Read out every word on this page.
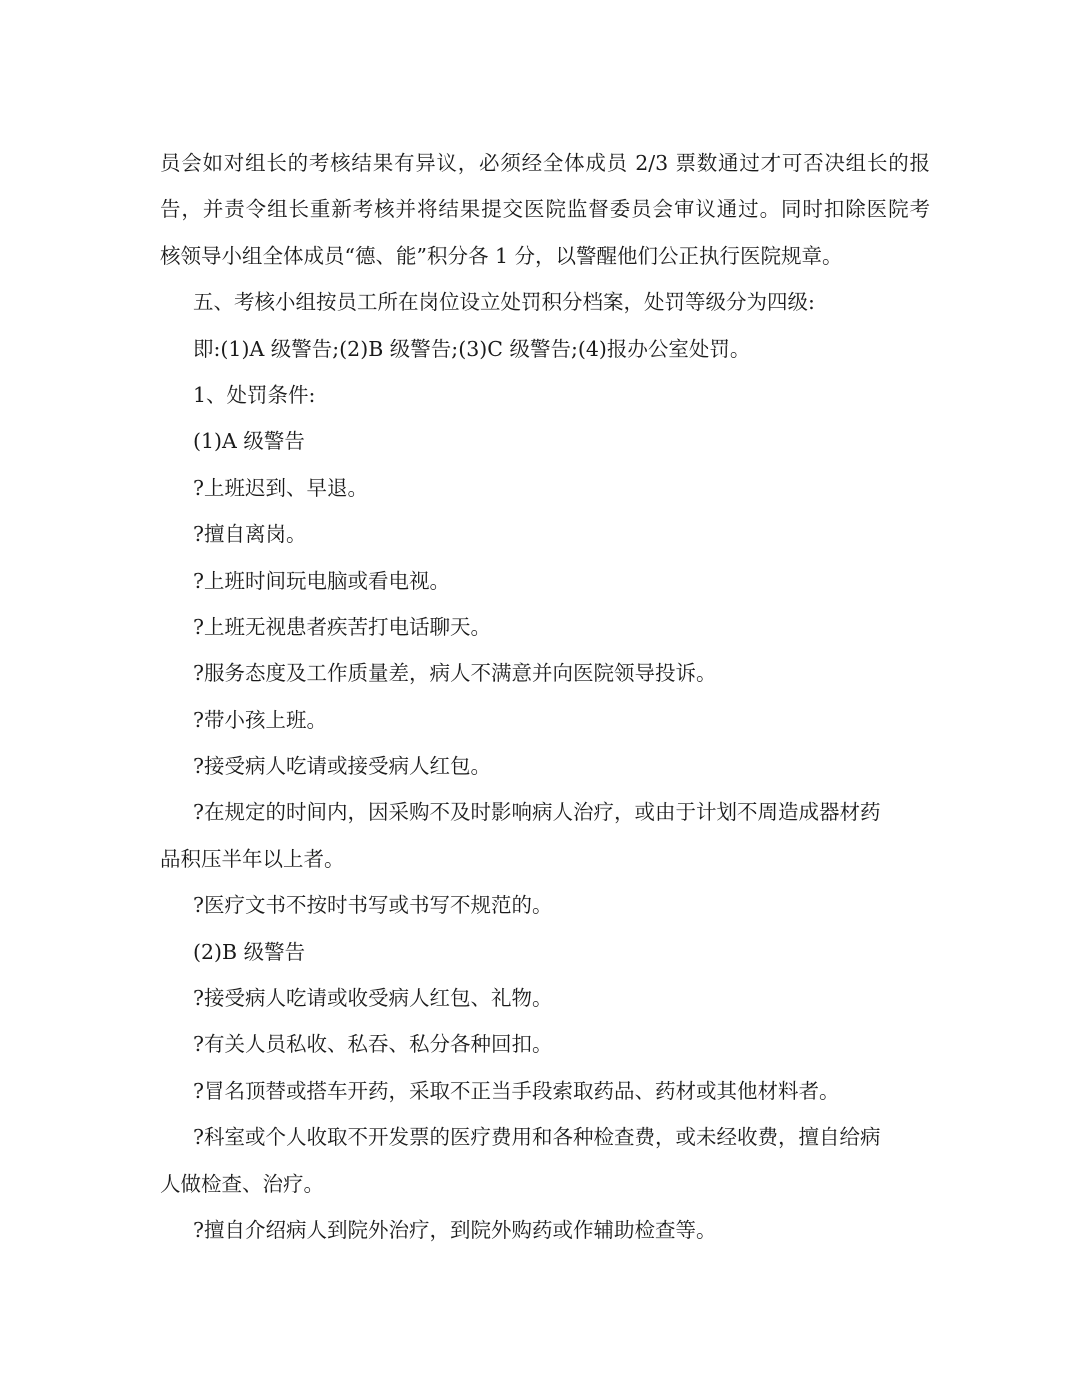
员会如对组长的考核结果有异议，必须经全体成员 2/3 票数通过才可否决组长的报
告，并责令组长重新考核并将结果提交医院监督委员会审议通过。同时扣除医院考
核领导小组全体成员“德、能”积分各 1 分，以警醒他们公正执行医院规章。
五、考核小组按员工所在岗位设立处罚积分档案，处罚等级分为四级:
即:(1)A 级警告;(2)B 级警告;(3)C 级警告;(4)报办公室处罚。
1、处罚条件:
(1)A 级警告
?上班迟到、早退。
?擅自离岗。
?上班时间玩电脑或看电视。
?上班无视患者疾苦打电话聊天。
?服务态度及工作质量差，病人不满意并向医院领导投诉。
?带小孩上班。
?接受病人吃请或接受病人红包。
?在规定的时间内，因采购不及时影响病人治疗，或由于计划不周造成器材药
品积压半年以上者。
?医疗文书不按时书写或书写不规范的。
(2)B 级警告
?接受病人吃请或收受病人红包、礼物。
?有关人员私收、私吞、私分各种回扣。
?冒名顶替或搭车开药，采取不正当手段索取药品、药材或其他材料者。
?科室或个人收取不开发票的医疗费用和各种检查费，或未经收费，擅自给病
人做检查、治疗。
?擅自介绍病人到院外治疗，到院外购药或作辅助检查等。
